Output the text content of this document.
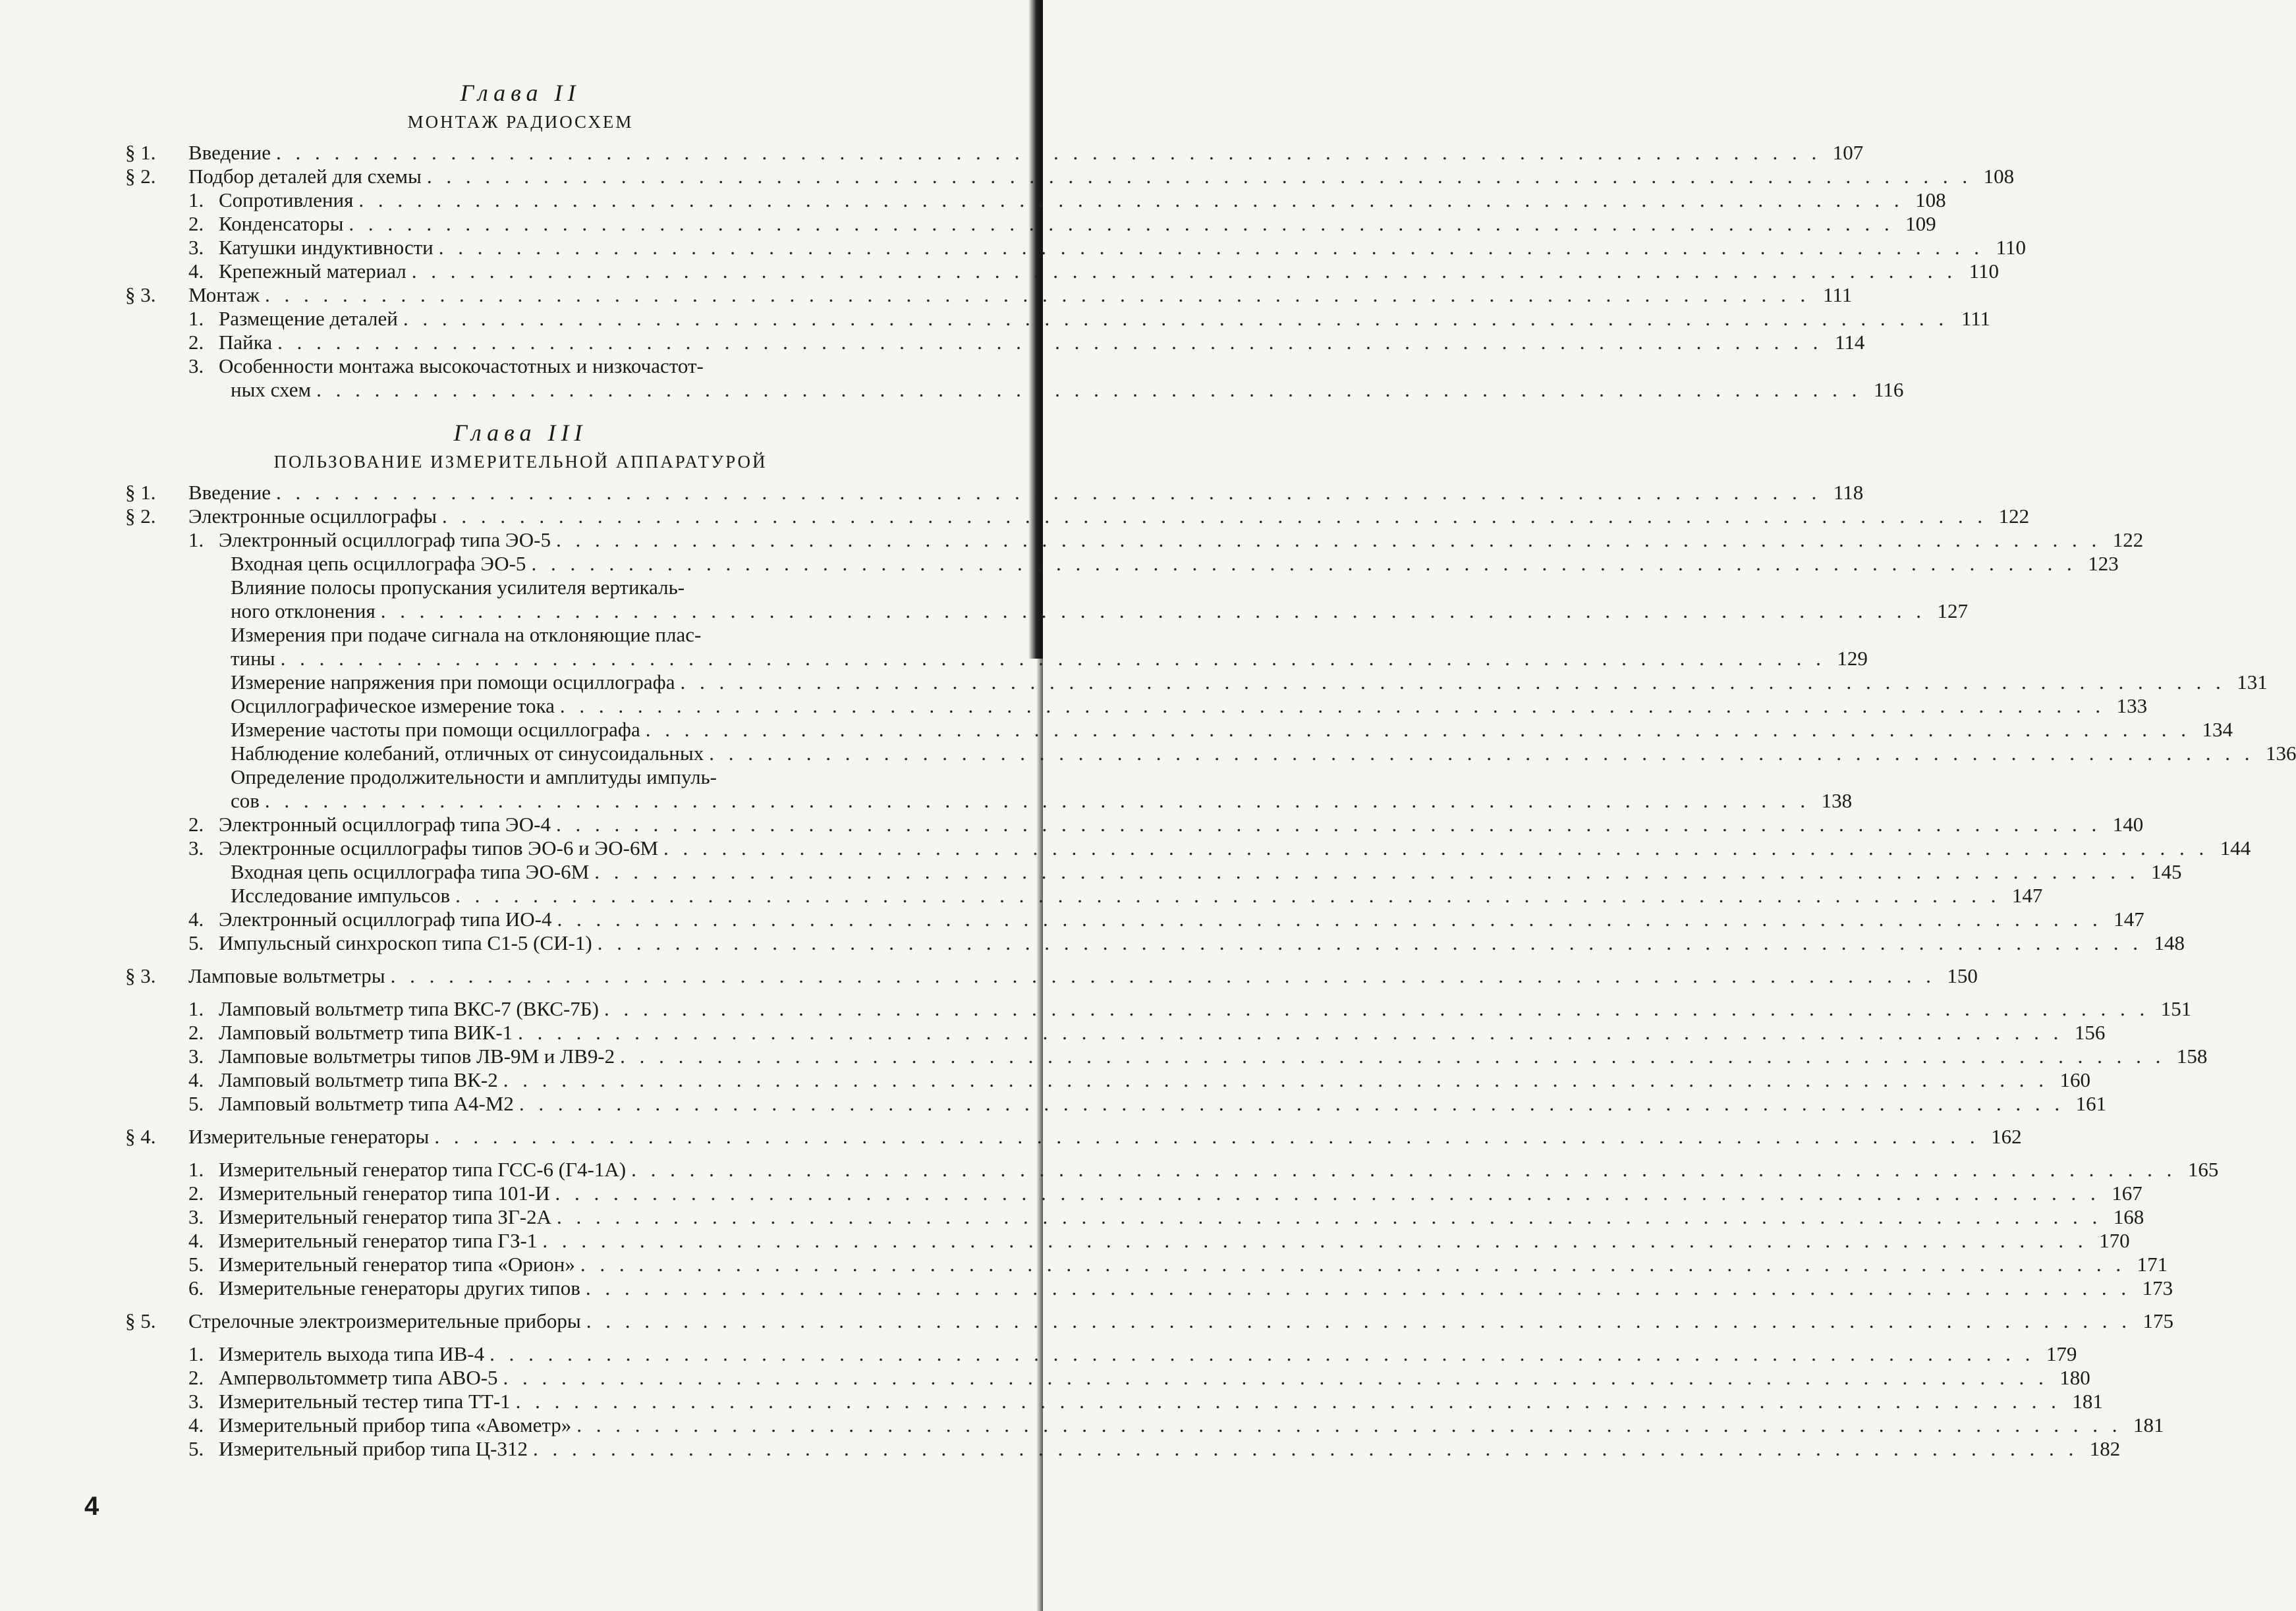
Глава II
МОНТАЖ РАДИОСХЕМ
§ 1.	Введение . . . . . . . . . . . . . . . . . . . . . . . . . . . . . . . . . . . . . . . . . . . . . . . . . . . . . . . . . . . . . . . . . . . . . . . . . . . . . . . . 107
§ 2.	Подбор деталей для схемы . . . . . . . . . . . . . . . . . . . . . . . . . . . . . . . . . . . . . . . . . . . . . . . . . . . . . . . . . . . . . . . . . . . . . . . . . . . . . . . . 108
1. Сопротивления . . . . . . . . . . . . . . . . . . . . . . . . . . . . . . . . . . . . . . . . . . . . . . . . . . . . . . . . . . . . . . . . . . . . . . . . . . . . . . . . 108
2. Конденсаторы . . . . . . . . . . . . . . . . . . . . . . . . . . . . . . . . . . . . . . . . . . . . . . . . . . . . . . . . . . . . . . . . . . . . . . . . . . . . . . . . 109
3. Катушки индуктивности . . . . . . . . . . . . . . . . . . . . . . . . . . . . . . . . . . . . . . . . . . . . . . . . . . . . . . . . . . . . . . . . . . . . . . . . . . . . . . . . 110
4. Крепежный материал . . . . . . . . . . . . . . . . . . . . . . . . . . . . . . . . . . . . . . . . . . . . . . . . . . . . . . . . . . . . . . . . . . . . . . . . . . . . . . . . 110
§ 3.	Монтаж . . . . . . . . . . . . . . . . . . . . . . . . . . . . . . . . . . . . . . . . . . . . . . . . . . . . . . . . . . . . . . . . . . . . . . . . . . . . . . . . 111
1. Размещение деталей . . . . . . . . . . . . . . . . . . . . . . . . . . . . . . . . . . . . . . . . . . . . . . . . . . . . . . . . . . . . . . . . . . . . . . . . . . . . . . . . 111
2. Пайка . . . . . . . . . . . . . . . . . . . . . . . . . . . . . . . . . . . . . . . . . . . . . . . . . . . . . . . . . . . . . . . . . . . . . . . . . . . . . . . . 114
3. Особенности монтажа высокочастотных и низкочастот-
ных схем . . . . . . . . . . . . . . . . . . . . . . . . . . . . . . . . . . . . . . . . . . . . . . . . . . . . . . . . . . . . . . . . . . . . . . . . . . . . . . . . 116
Глава III
ПОЛЬЗОВАНИЕ ИЗМЕРИТЕЛЬНОЙ АППАРАТУРОЙ
§ 1.	Введение . . . . . . . . . . . . . . . . . . . . . . . . . . . . . . . . . . . . . . . . . . . . . . . . . . . . . . . . . . . . . . . . . . . . . . . . . . . . . . . . 118
§ 2.	Электронные осциллографы . . . . . . . . . . . . . . . . . . . . . . . . . . . . . . . . . . . . . . . . . . . . . . . . . . . . . . . . . . . . . . . . . . . . . . . . . . . . . . . . 122
1. Электронный осциллограф типа ЭО-5 . . . . . . . . . . . . . . . . . . . . . . . . . . . . . . . . . . . . . . . . . . . . . . . . . . . . . . . . . . . . . . . . . . . . . . . . . . . . . . . . 122
Входная цепь осциллографа ЭО-5 . . . . . . . . . . . . . . . . . . . . . . . . . . . . . . . . . . . . . . . . . . . . . . . . . . . . . . . . . . . . . . . . . . . . . . . . . . . . . . . . 123
Влияние полосы пропускания усилителя вертикаль-
ного отклонения . . . . . . . . . . . . . . . . . . . . . . . . . . . . . . . . . . . . . . . . . . . . . . . . . . . . . . . . . . . . . . . . . . . . . . . . . . . . . . . . 127
Измерения при подаче сигнала на отклоняющие плас-
тины . . . . . . . . . . . . . . . . . . . . . . . . . . . . . . . . . . . . . . . . . . . . . . . . . . . . . . . . . . . . . . . . . . . . . . . . . . . . . . . . 129
Измерение напряжения при помощи осциллографа . . . . . . . . . . . . . . . . . . . . . . . . . . . . . . . . . . . . . . . . . . . . . . . . . . . . . . . . . . . . . . . . . . . . . . . . . . . . . . . . 131
Осциллографическое измерение тока . . . . . . . . . . . . . . . . . . . . . . . . . . . . . . . . . . . . . . . . . . . . . . . . . . . . . . . . . . . . . . . . . . . . . . . . . . . . . . . . 133
Измерение частоты при помощи осциллографа . . . . . . . . . . . . . . . . . . . . . . . . . . . . . . . . . . . . . . . . . . . . . . . . . . . . . . . . . . . . . . . . . . . . . . . . . . . . . . . . 134
Наблюдение колебаний, отличных от синусоидальных . . . . . . . . . . . . . . . . . . . . . . . . . . . . . . . . . . . . . . . . . . . . . . . . . . . . . . . . . . . . . . . . . . . . . . . . . . . . . . . . 136
Определение продолжительности и амплитуды импуль-
сов . . . . . . . . . . . . . . . . . . . . . . . . . . . . . . . . . . . . . . . . . . . . . . . . . . . . . . . . . . . . . . . . . . . . . . . . . . . . . . . . 138
2. Электронный осциллограф типа ЭО-4 . . . . . . . . . . . . . . . . . . . . . . . . . . . . . . . . . . . . . . . . . . . . . . . . . . . . . . . . . . . . . . . . . . . . . . . . . . . . . . . . 140
3. Электронные осциллографы типов ЭО-6 и ЭО-6М . . . . . . . . . . . . . . . . . . . . . . . . . . . . . . . . . . . . . . . . . . . . . . . . . . . . . . . . . . . . . . . . . . . . . . . . . . . . . . . . 144
Входная цепь осциллографа типа ЭО-6М . . . . . . . . . . . . . . . . . . . . . . . . . . . . . . . . . . . . . . . . . . . . . . . . . . . . . . . . . . . . . . . . . . . . . . . . . . . . . . . . 145
Исследование импульсов . . . . . . . . . . . . . . . . . . . . . . . . . . . . . . . . . . . . . . . . . . . . . . . . . . . . . . . . . . . . . . . . . . . . . . . . . . . . . . . . 147
4. Электронный осциллограф типа ИО-4 . . . . . . . . . . . . . . . . . . . . . . . . . . . . . . . . . . . . . . . . . . . . . . . . . . . . . . . . . . . . . . . . . . . . . . . . . . . . . . . . 147
5. Импульсный синхроскоп типа С1-5 (СИ-1) . . . . . . . . . . . . . . . . . . . . . . . . . . . . . . . . . . . . . . . . . . . . . . . . . . . . . . . . . . . . . . . . . . . . . . . . . . . . . . . . 148
§ 3.	Ламповые вольтметры . . . . . . . . . . . . . . . . . . . . . . . . . . . . . . . . . . . . . . . . . . . . . . . . . . . . . . . . . . . . . . . . . . . . . . . . . . . . . . . . 150
1. Ламповый вольтметр типа ВКС-7 (ВКС-7Б) . . . . . . . . . . . . . . . . . . . . . . . . . . . . . . . . . . . . . . . . . . . . . . . . . . . . . . . . . . . . . . . . . . . . . . . . . . . . . . . . 151
2. Ламповый вольтметр типа ВИК-1 . . . . . . . . . . . . . . . . . . . . . . . . . . . . . . . . . . . . . . . . . . . . . . . . . . . . . . . . . . . . . . . . . . . . . . . . . . . . . . . . 156
3. Ламповые вольтметры типов ЛВ-9М и ЛВ9-2 . . . . . . . . . . . . . . . . . . . . . . . . . . . . . . . . . . . . . . . . . . . . . . . . . . . . . . . . . . . . . . . . . . . . . . . . . . . . . . . . 158
4. Ламповый вольтметр типа ВК-2 . . . . . . . . . . . . . . . . . . . . . . . . . . . . . . . . . . . . . . . . . . . . . . . . . . . . . . . . . . . . . . . . . . . . . . . . . . . . . . . . 160
5. Ламповый вольтметр типа А4-М2 . . . . . . . . . . . . . . . . . . . . . . . . . . . . . . . . . . . . . . . . . . . . . . . . . . . . . . . . . . . . . . . . . . . . . . . . . . . . . . . . 161
§ 4.	Измерительные генераторы . . . . . . . . . . . . . . . . . . . . . . . . . . . . . . . . . . . . . . . . . . . . . . . . . . . . . . . . . . . . . . . . . . . . . . . . . . . . . . . . 162
1. Измерительный генератор типа ГСС-6 (Г4-1А) . . . . . . . . . . . . . . . . . . . . . . . . . . . . . . . . . . . . . . . . . . . . . . . . . . . . . . . . . . . . . . . . . . . . . . . . . . . . . . . . 165
2. Измерительный генератор типа 101-И . . . . . . . . . . . . . . . . . . . . . . . . . . . . . . . . . . . . . . . . . . . . . . . . . . . . . . . . . . . . . . . . . . . . . . . . . . . . . . . . 167
3. Измерительный генератор типа ЗГ-2А . . . . . . . . . . . . . . . . . . . . . . . . . . . . . . . . . . . . . . . . . . . . . . . . . . . . . . . . . . . . . . . . . . . . . . . . . . . . . . . . 168
4. Измерительный генератор типа ГЗ-1 . . . . . . . . . . . . . . . . . . . . . . . . . . . . . . . . . . . . . . . . . . . . . . . . . . . . . . . . . . . . . . . . . . . . . . . . . . . . . . . . 170
5. Измерительный генератор типа «Орион» . . . . . . . . . . . . . . . . . . . . . . . . . . . . . . . . . . . . . . . . . . . . . . . . . . . . . . . . . . . . . . . . . . . . . . . . . . . . . . . . 171
6. Измерительные генераторы других типов . . . . . . . . . . . . . . . . . . . . . . . . . . . . . . . . . . . . . . . . . . . . . . . . . . . . . . . . . . . . . . . . . . . . . . . . . . . . . . . . 173
§ 5.	Стрелочные электроизмерительные приборы . . . . . . . . . . . . . . . . . . . . . . . . . . . . . . . . . . . . . . . . . . . . . . . . . . . . . . . . . . . . . . . . . . . . . . . . . . . . . . . . 175
1. Измеритель выхода типа ИВ-4 . . . . . . . . . . . . . . . . . . . . . . . . . . . . . . . . . . . . . . . . . . . . . . . . . . . . . . . . . . . . . . . . . . . . . . . . . . . . . . . . 179
2. Ампервольтомметр типа АВО-5 . . . . . . . . . . . . . . . . . . . . . . . . . . . . . . . . . . . . . . . . . . . . . . . . . . . . . . . . . . . . . . . . . . . . . . . . . . . . . . . . 180
3. Измерительный тестер типа ТТ-1 . . . . . . . . . . . . . . . . . . . . . . . . . . . . . . . . . . . . . . . . . . . . . . . . . . . . . . . . . . . . . . . . . . . . . . . . . . . . . . . . 181
4. Измерительный прибор типа «Авометр» . . . . . . . . . . . . . . . . . . . . . . . . . . . . . . . . . . . . . . . . . . . . . . . . . . . . . . . . . . . . . . . . . . . . . . . . . . . . . . . . 181
5. Измерительный прибор типа Ц-312 . . . . . . . . . . . . . . . . . . . . . . . . . . . . . . . . . . . . . . . . . . . . . . . . . . . . . . . . . . . . . . . . . . . . . . . . . . . . . . . . 182
4
